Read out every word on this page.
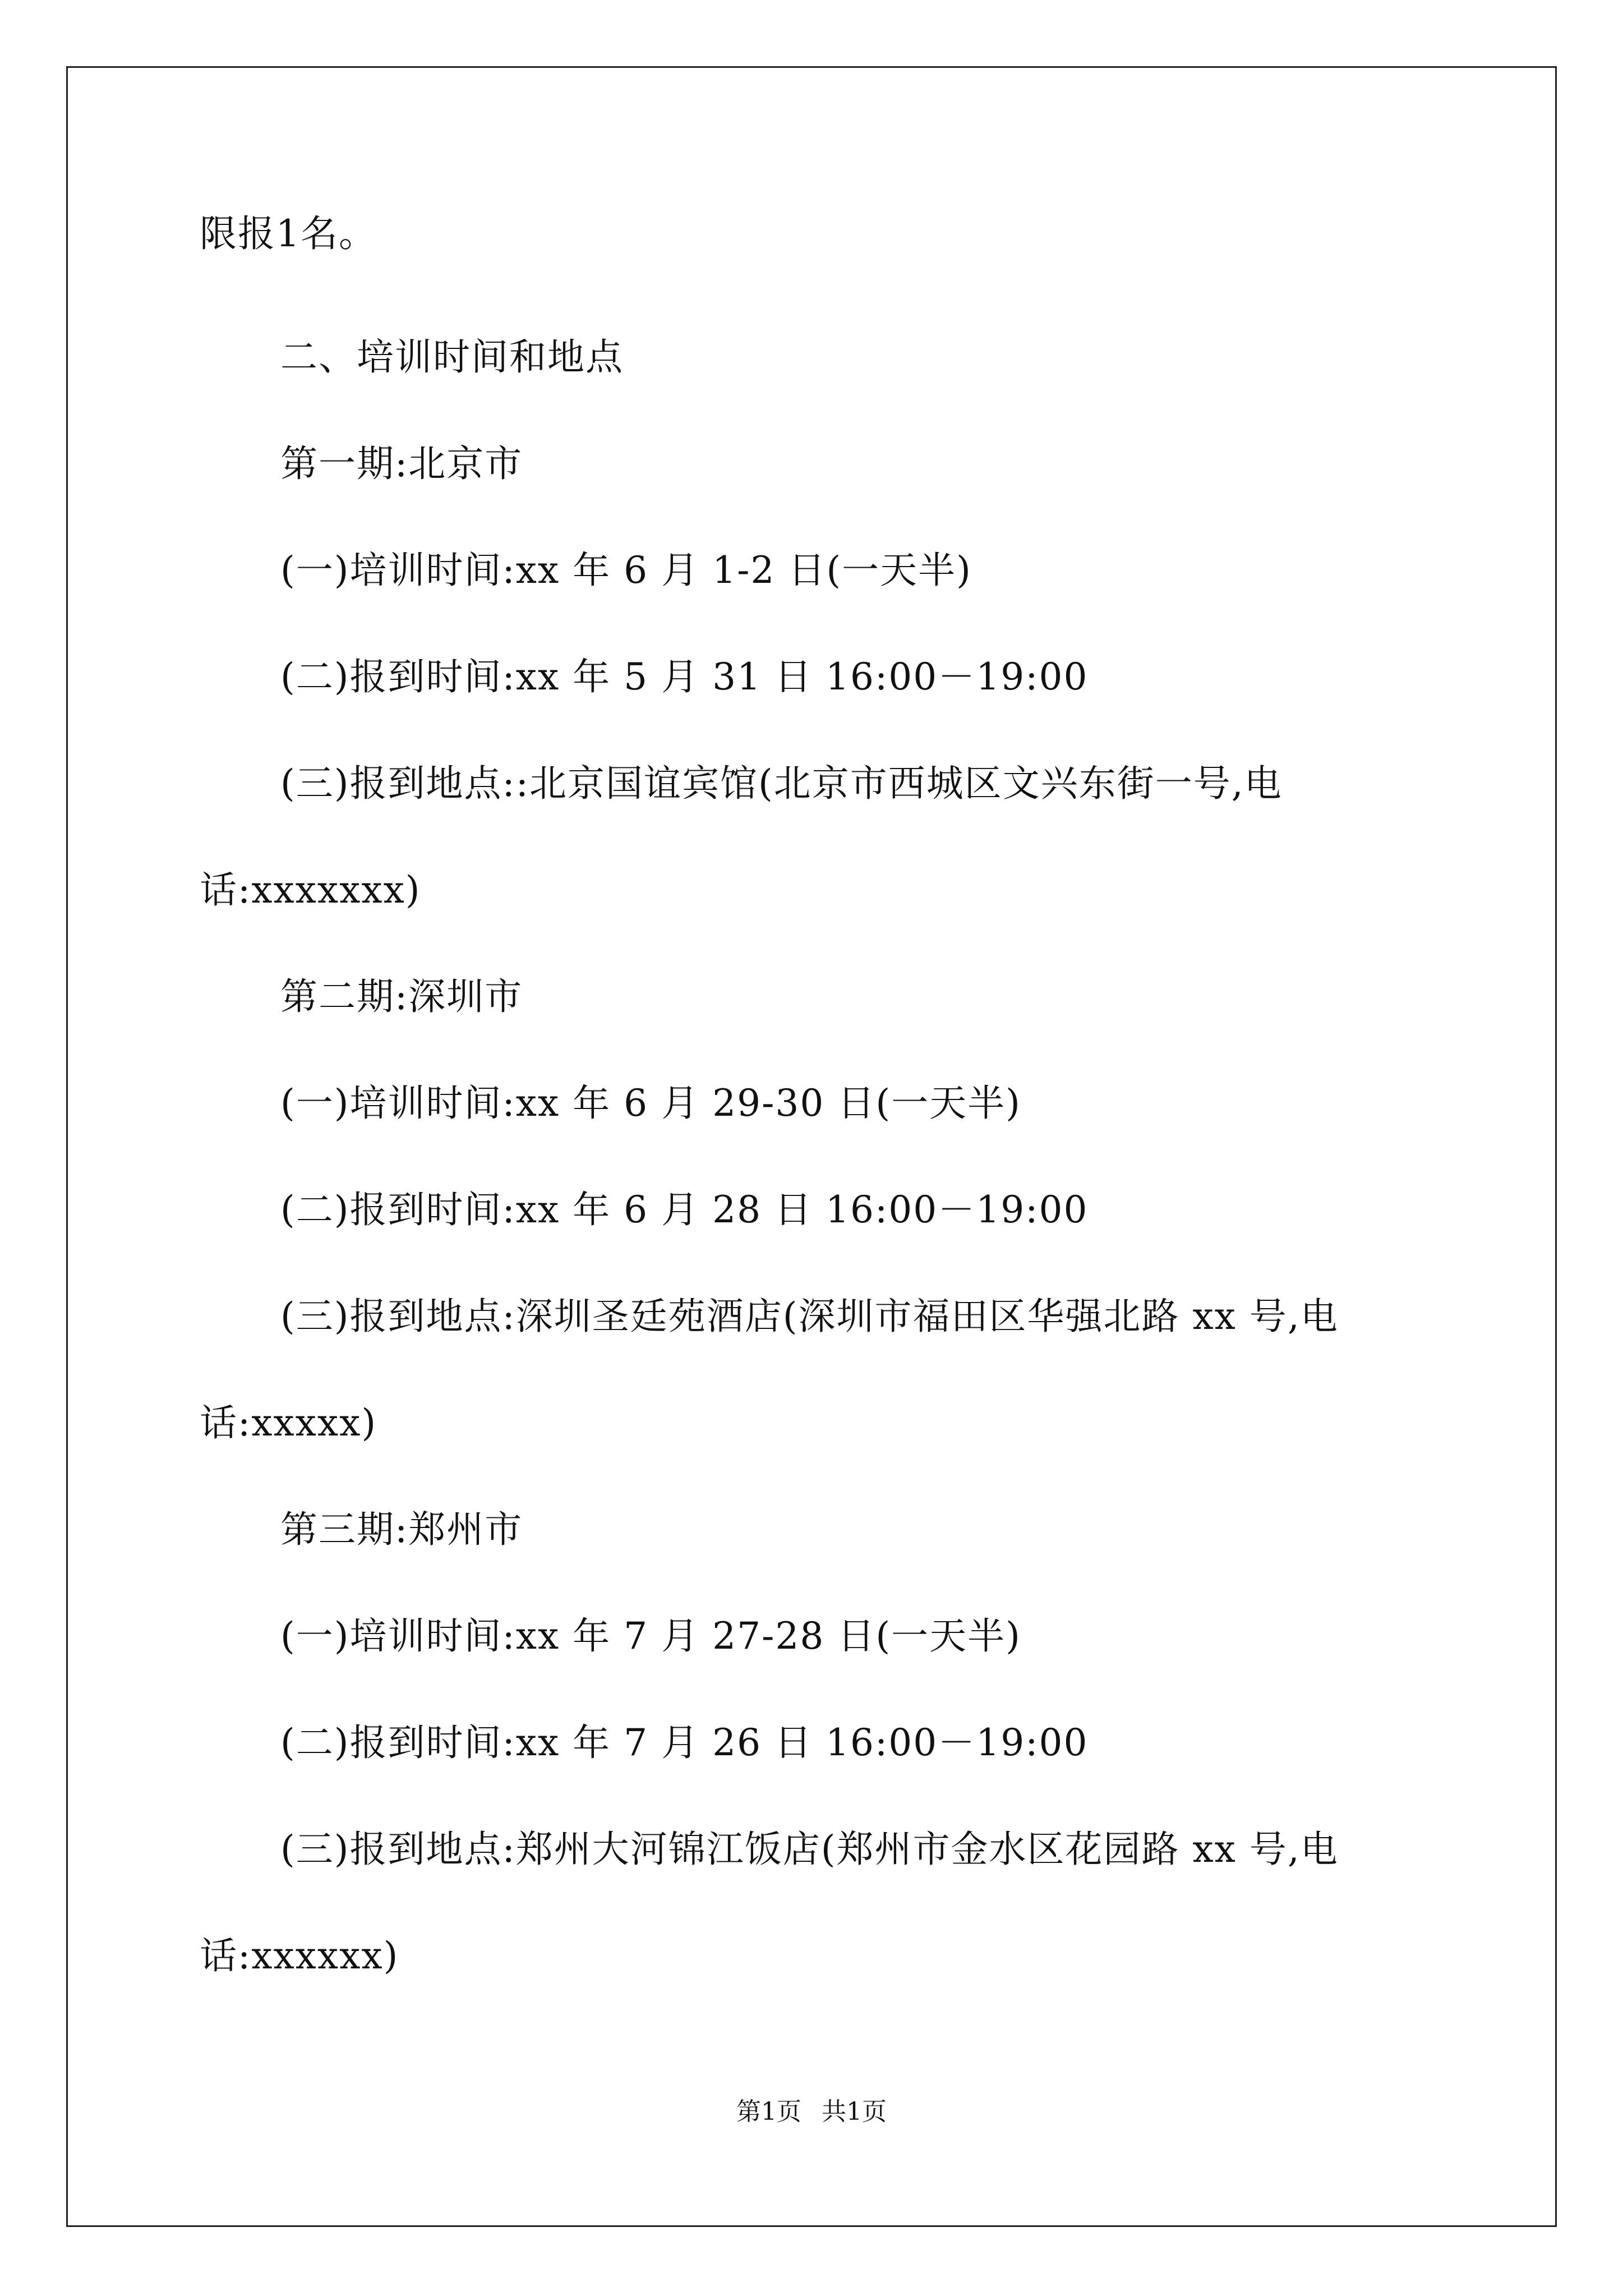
限报1名。
二、培训时间和地点
第一期:北京市
(一)培训时间:xx 年 6 月 1-2 日(一天半)
(二)报到时间:xx 年 5 月 31 日 16:00－19:00
(三)报到地点::北京国谊宾馆(北京市西城区文兴东街一号,电
话:xxxxxxx)
第二期:深圳市
(一)培训时间:xx 年 6 月 29-30 日(一天半)
(二)报到时间:xx 年 6 月 28 日 16:00－19:00
(三)报到地点:深圳圣廷苑酒店(深圳市福田区华强北路 xx 号,电
话:xxxxx)
第三期:郑州市
(一)培训时间:xx 年 7 月 27-28 日(一天半)
(二)报到时间:xx 年 7 月 26 日 16:00－19:00
(三)报到地点:郑州大河锦江饭店(郑州市金水区花园路 xx 号,电
话:xxxxxx)
第1页 共1页
